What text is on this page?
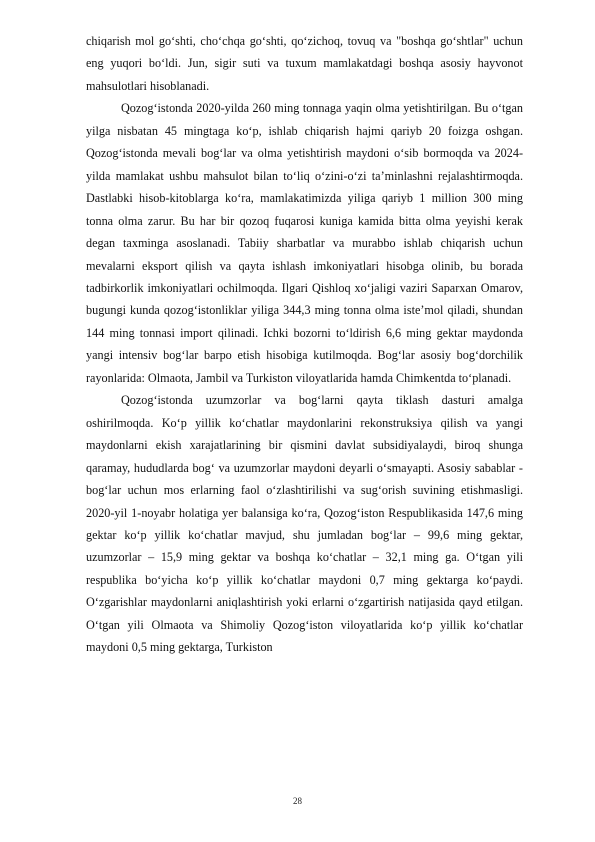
chiqarish mol go‘shti, cho‘chqa go‘shti, qo‘zichoq, tovuq va "boshqa go‘shtlar" uchun eng yuqori bo‘ldi. Jun, sigir suti va tuxum mamlakatdagi boshqa asosiy hayvonot mahsulotlari hisoblanadi.

Qozog‘istonda 2020-yilda 260 ming tonnaga yaqin olma yetishtirilgan. Bu o‘tgan yilga nisbatan 45 mingtaga ko‘p, ishlab chiqarish hajmi qariyb 20 foizga oshgan. Qozog‘istonda mevali bog‘lar va olma yetishtirish maydoni o‘sib bormoqda va 2024-yilda mamlakat ushbu mahsulot bilan to‘liq o‘zini-o‘zi ta’minlashni rejalashtirmoqda. Dastlabki hisob-kitoblarga ko‘ra, mamlakatimizda yiliga qariyb 1 million 300 ming tonna olma zarur. Bu har bir qozoq fuqarosi kuniga kamida bitta olma yeyishi kerak degan taxminga asoslanadi. Tabiiy sharbatlar va murabbo ishlab chiqarish uchun mevalarni eksport qilish va qayta ishlash imkoniyatlari hisobga olinib, bu borada tadbirkorlik imkoniyatlari ochilmoqda. Ilgari Qishloq xo‘jaligi vaziri Saparxan Omarov, bugungi kunda qozog‘istonliklar yiliga 344,3 ming tonna olma iste’mol qiladi, shundan 144 ming tonnasi import qilinadi. Ichki bozorni to‘ldirish 6,6 ming gektar maydonda yangi intensiv bog‘lar barpo etish hisobiga kutilmoqda. Bog‘lar asosiy bog‘dorchilik rayonlarida: Olmaota, Jambil va Turkiston viloyatlarida hamda Chimkentda to‘planadi.

Qozog‘istonda uzumzorlar va bog‘larni qayta tiklash dasturi amalga oshirilmoqda. Ko‘p yillik ko‘chatlar maydonlarini rekonstruksiya qilish va yangi maydonlarni ekish xarajatlarining bir qismini davlat subsidiyalaydi, biroq shunga qaramay, hududlarda bog‘ va uzumzorlar maydoni deyarli o‘smayapti. Asosiy sabablar - bog‘lar uchun mos erlarning faol o‘zlashtirilishi va sug‘orish suvining etishmasligi. 2020-yil 1-noyabr holatiga yer balansiga ko‘ra, Qozog‘iston Respublikasida 147,6 ming gektar ko‘p yillik ko‘chatlar mavjud, shu jumladan bog‘lar – 99,6 ming gektar, uzumzorlar – 15,9 ming gektar va boshqa ko‘chatlar – 32,1 ming ga. O‘tgan yili respublika bo‘yicha ko‘p yillik ko‘chatlar maydoni 0,7 ming gektarga ko‘paydi. O‘zgarishlar maydonlarni aniqlashtirish yoki erlarni o‘zgartirish natijasida qayd etilgan. O‘tgan yili Olmaota va Shimoliy Qozog‘iston viloyatlarida ko‘p yillik ko‘chatlar maydoni 0,5 ming gektarga, Turkiston

28
